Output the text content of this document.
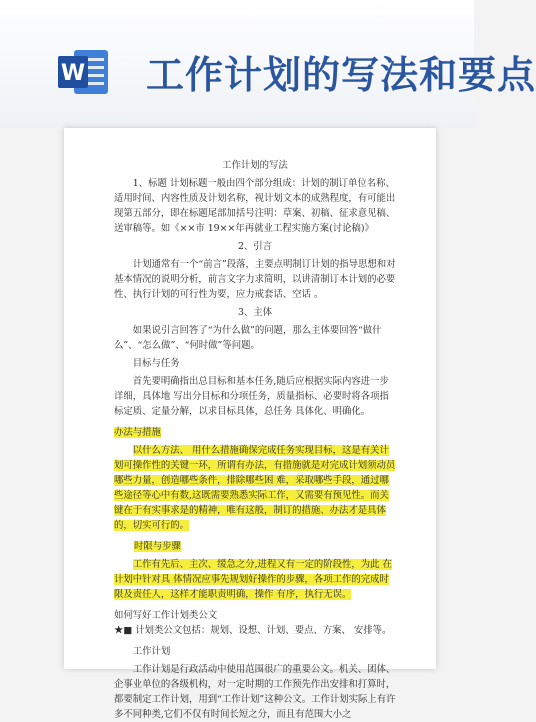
W 工作计划的写法和要点

工作计划的写法

1、标题 计划标题一般由四个部分组成：计划的制订单位名称、适用时间、内容性质及计划名称，视计划文本的成熟程度，有可能出现第五部分，即在标题尾部加括号注明：草案、初稿、征求意见稿、送审稿等。如《××市 19××年再就业工程实施方案(讨论稿)》

2、引言

计划通常有一个“前言”段落，主要点明制订计划的指导思想和对基本情况的说明分析，前言文字力求简明，以讲清制订本计划的必要性、执行计划的可行性为要，应力戒套话、空话 。

3、主体

如果说引言回答了“为什么做”的问题，那么主体要回答“做什么”、“怎么做”、“何时做”等问题。

目标与任务

首先要明确指出总目标和基本任务,随后应根据实际内容进一步详细，具体地 写出分目标和分项任务，质量指标、必要时将各项指标定质、定量分解，以求目标具体，总任务 具体化、明确化。

办法与措施

以什么方法、 用什么措施确保完成任务实现目标，这是有关计划可操作性的关键一环，所谓有办法，有措施就是对完成计划须动员哪些力量，创造哪些条件，排除哪些困 难，采取哪些手段，通过哪些途径等心中有数,这既需要熟悉实际工作，又需要有预见性。而关键在于有实事求是的精神，唯有这般，制订的措施、办法才是具体的，切实可行的。

时限与步骤

工作有先后、主次、缓急之分,进程又有一定的阶段性，为此 在计划中针对具 体情况应事先规划好操作的步骤，各项工作的完成时限及责任人，这样才能职责明确，操作 有序，执行无误。

如何写好工作计划类公文

★■ 计划类公文包括：规划、设想、计划、要点、方案、 安排等。

工作计划

工作计划是行政活动中使用范围很广的重要公文。机关、团体、企事业单位的各级机构，对一定时期的工作预先作出安排和打算时，都要制定工作计划，用到“工作计划”这种公文。工作计划实际上有许多不同种类,它们不仅有时间长短之分，而且有范围大小之
